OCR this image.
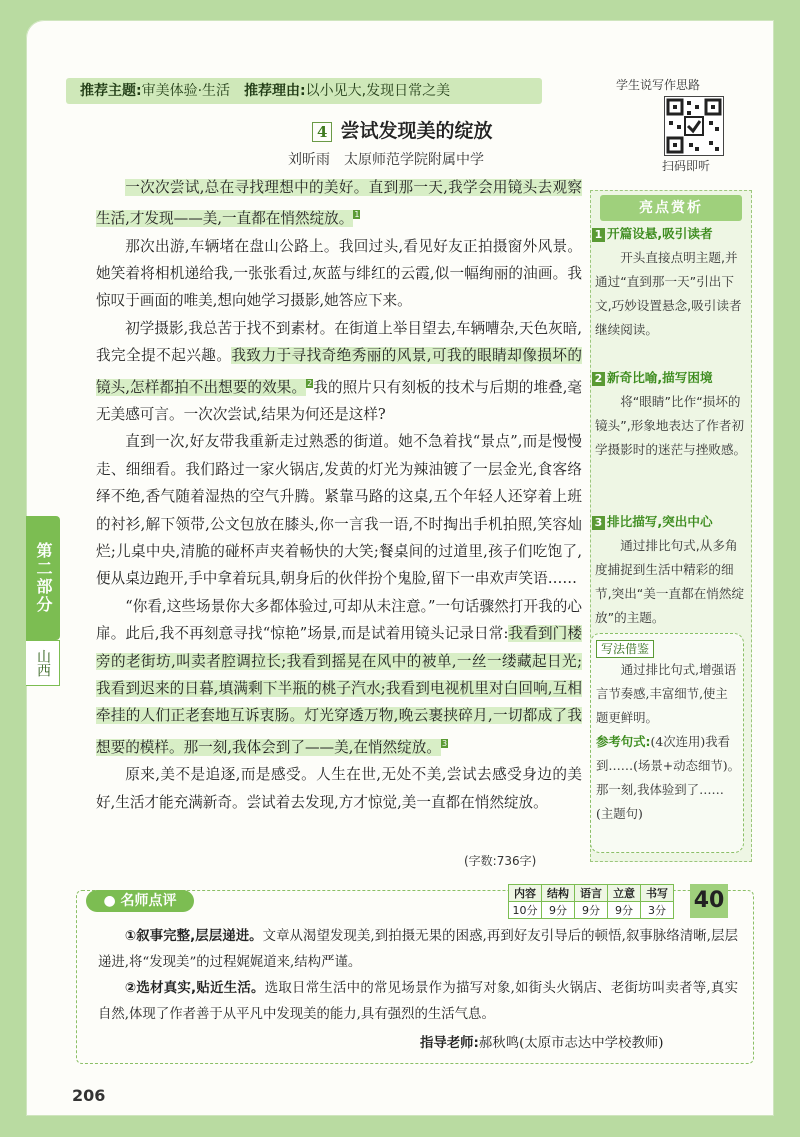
推荐主题:审美体验·生活　 推荐理由:以小见大,发现日常之美	学生说写作思路
扫码即听
4 尝试发现美的绽放
刘昕雨　太原师范学院附属中学

一次次尝试,总在寻找理想中的美好。直到那一天,我学会用镜头去观察生活,才发现——美,一直都在悄然绽放。$^1$

那次出游,车辆堵在盘山公路上。我回过头,看见好友正拍摄窗外风景。她笑着将相机递给我,一张张看过,灰蓝与绯红的云霞,似一幅绚丽的油画。我惊叹于画面的唯美,想向她学习摄影,她答应下来。

初学摄影,我总苦于找不到素材。在街道上举目望去,车辆嘈杂,天色灰暗,我完全提不起兴趣。我致力于寻找奇绝秀丽的风景,可我的眼睛却像损坏的镜头,怎样都拍不出想要的效果。$^2$我的照片只有刻板的技术与后期的堆叠,毫无美感可言。一次次尝试,结果为何还是这样?

直到一次,好友带我重新走过熟悉的街道。她不急着找“景点”,而是慢慢走、细细看。我们路过一家火锅店,发黄的灯光为辣油镀了一层金光,食客络绎不绝,香气随着湿热的空气升腾。紧靠马路的这桌,五个年轻人还穿着上班的衬衫,解下领带,公文包放在膝头,你一言我一语,不时掏出手机拍照,笑容灿烂;儿桌中央,清脆的碰杯声夹着畅快的大笑;餐桌间的过道里,孩子们吃饱了,便从桌边跑开,手中拿着玩具,朝身后的伙伴扮个鬼脸,留下一串欢声笑语……

“你看,这些场景你大多都体验过,可却从未注意。”一句话骤然打开我的心扉。此后,我不再刻意寻找“惊艳”场景,而是试着用镜头记录日常:我看到门楼旁的老街坊,叫卖者腔调拉长;我看到摇晃在风中的被单,一丝一缕藏起日光;我看到迟来的日暮,填满剩下半瓶的桃子汽水;我看到电视机里对白回响,互相牵挂的人们正老套地互诉衷肠。灯光穿透万物,晚云裹挟碎月,一切都成了我想要的模样。那一刻,我体会到了——美,在悄然绽放。$^3$

原来,美不是追逐,而是感受。人生在世,无处不美,尝试去感受身边的美好,生活才能充满新奇。尝试着去发现,方才惊觉,美一直都在悄然绽放。

(字数:736字)
第二部分
山西
亮点赏析
1 开篇设悬,吸引读者
开头直接点明主题,并通过“直到那一天”引出下文,巧妙设置悬念,吸引读者继续阅读。
2 新奇比喻,描写困境
将“眼睛”比作“损坏的镜头”,形象地表达了作者初学摄影时的迷茫与挫败感。
3 排比描写,突出中心
通过排比句式,从多角度捕捉到生活中精彩的细节,突出“美一直都在悄然绽放”的主题。
写法借鉴
通过排比句式,增强语言节奏感,丰富细节,使主题更鲜明。
参考句式:(4次连用)我看到……(场景+动态细节)。那一刻,我体验到了……(主题句)
● 名师点评	内容	结构	语言	立意	书写
10分	9分	9分	9分	3分 40
①叙事完整,层层递进。文章从渴望发现美,到拍摄无果的困惑,再到好友引导后的顿悟,叙事脉络清晰,层层递进,将“发现美”的过程娓娓道来,结构严谨。
②选材真实,贴近生活。选取日常生活中的常见场景作为描写对象,如街头火锅店、老街坊叫卖者等,真实自然,体现了作者善于从平凡中发现美的能力,具有强烈的生活气息。
指导老师:郝秋鸣(太原市志达中学校教师)
206
